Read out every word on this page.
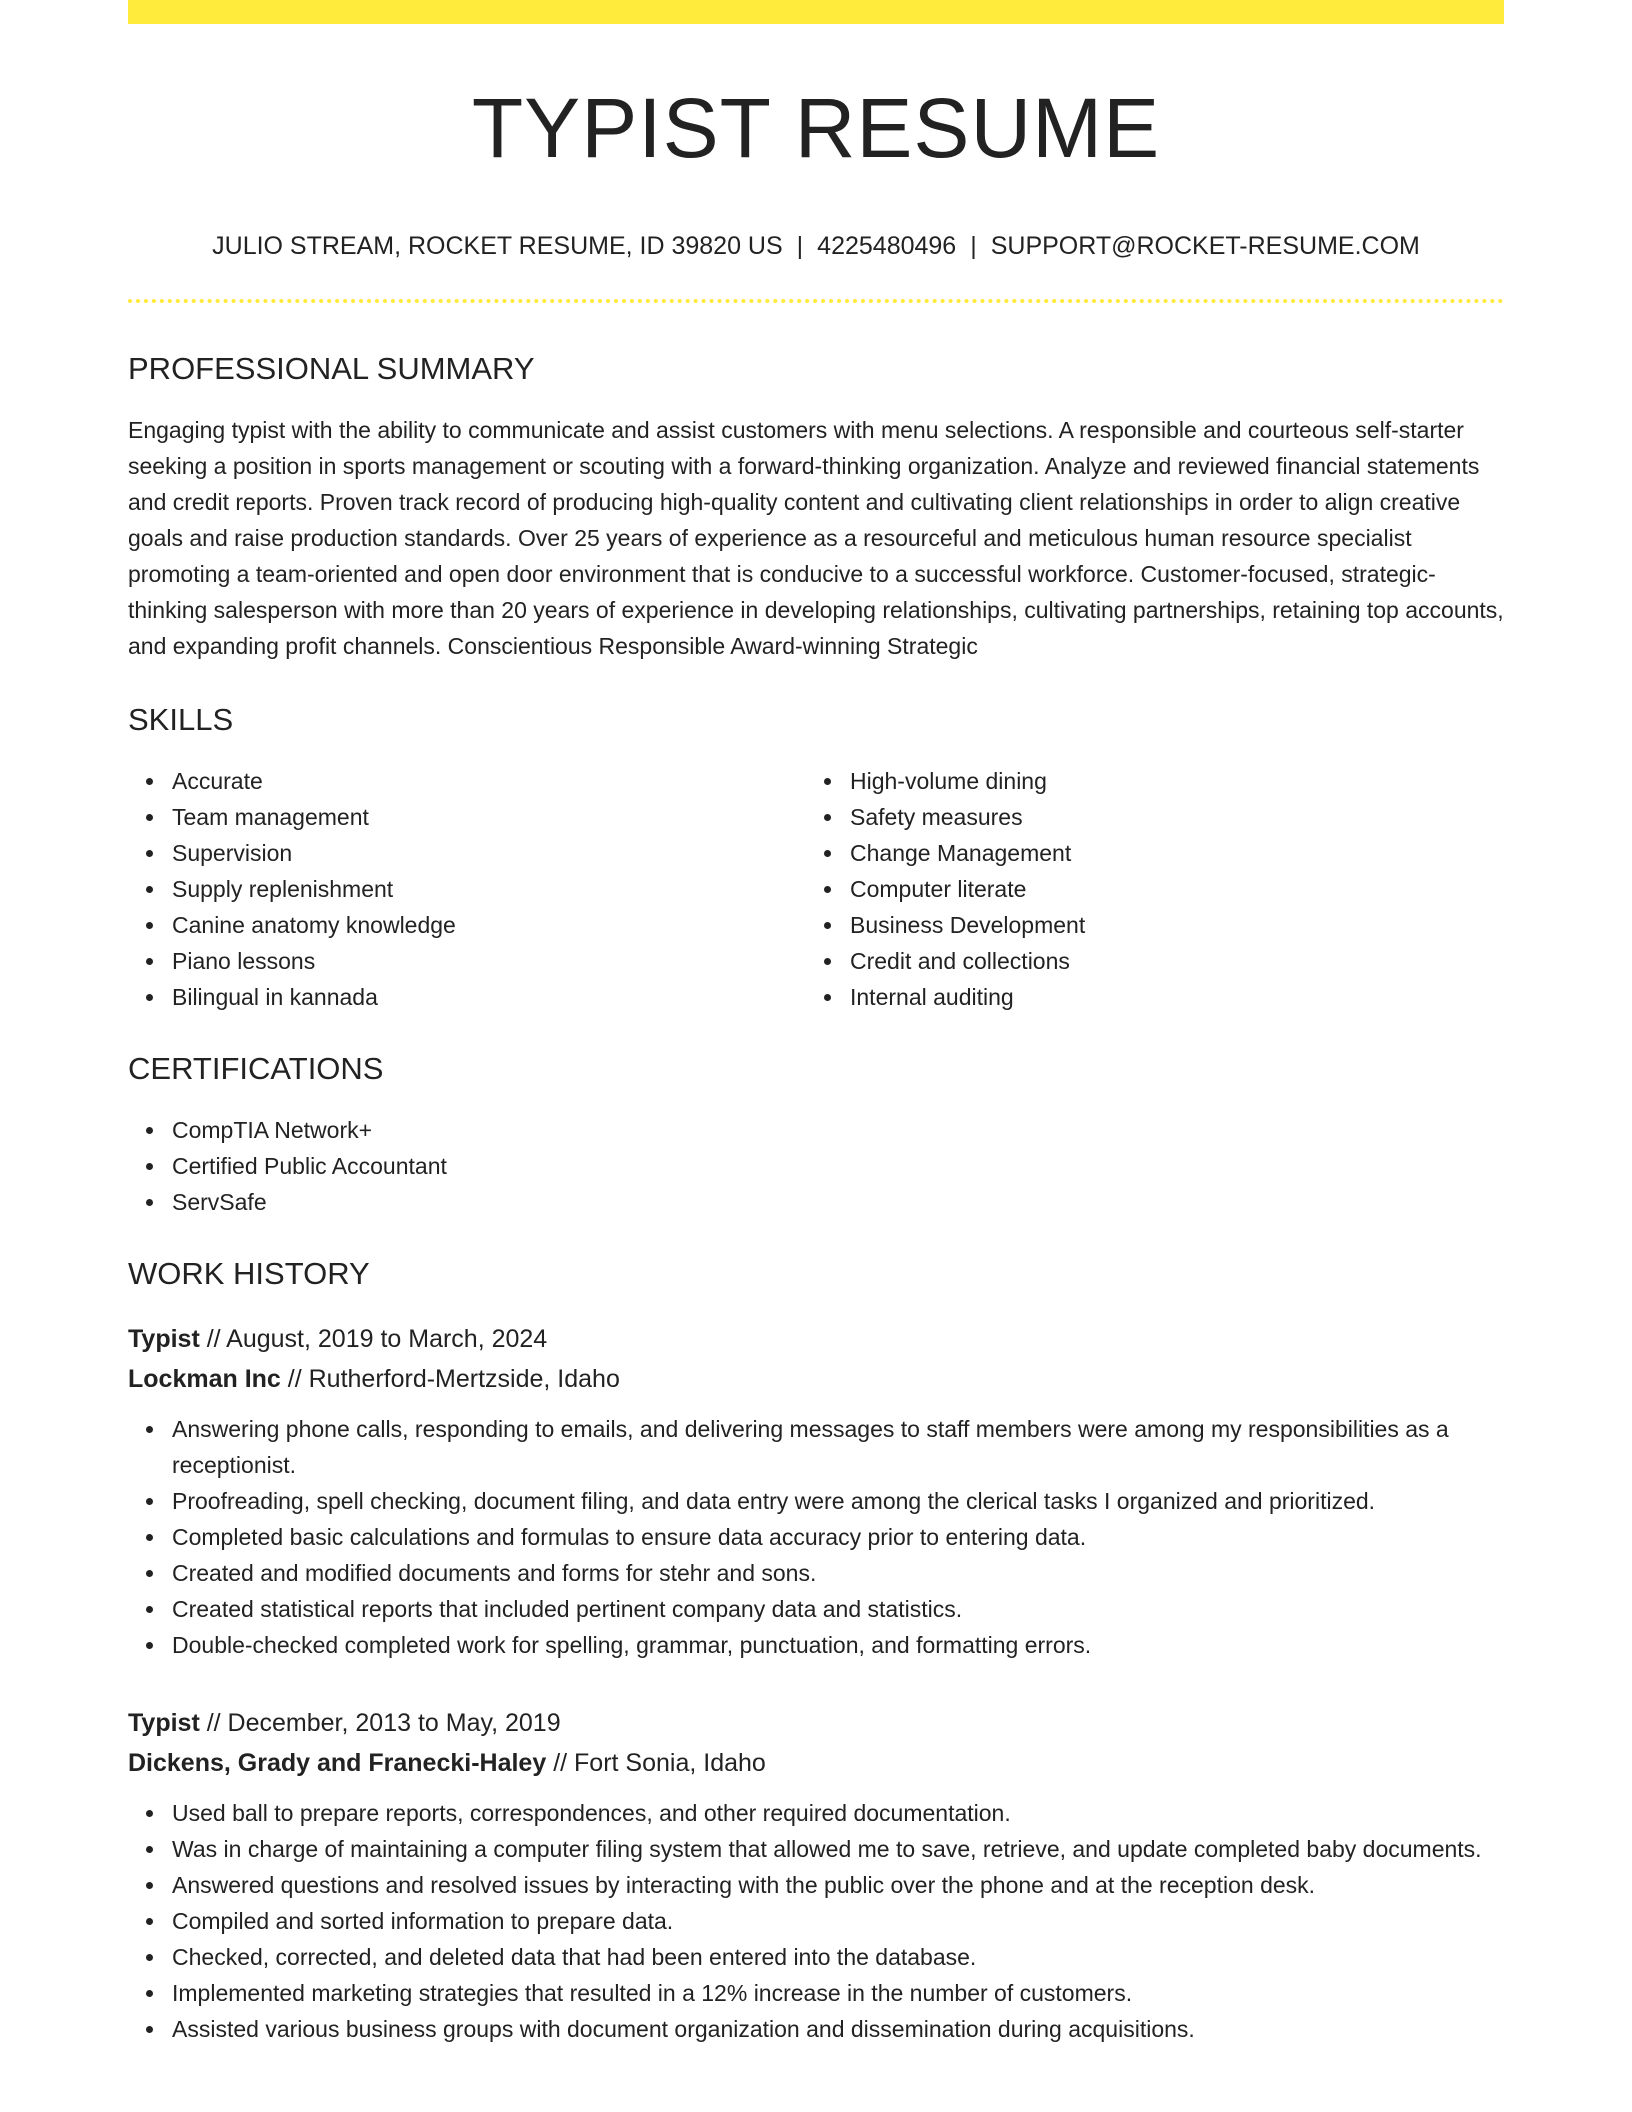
TYPIST RESUME
JULIO STREAM, ROCKET RESUME, ID 39820 US | 4225480496 | SUPPORT@ROCKET-RESUME.COM
PROFESSIONAL SUMMARY

Engaging typist with the ability to communicate and assist customers with menu selections. A responsible and courteous self-starter seeking a position in sports management or scouting with a forward-thinking organization. Analyze and reviewed financial statements and credit reports. Proven track record of producing high-quality content and cultivating client relationships in order to align creative goals and raise production standards. Over 25 years of experience as a resourceful and meticulous human resource specialist promoting a team-oriented and open door environment that is conducive to a successful workforce. Customer-focused, strategic-thinking salesperson with more than 20 years of experience in developing relationships, cultivating partnerships, retaining top accounts, and expanding profit channels. Conscientious Responsible Award-winning Strategic

SKILLS
Accurate
Team management
Supervision
Supply replenishment
Canine anatomy knowledge
Piano lessons
Bilingual in kannada
High-volume dining
Safety measures
Change Management
Computer literate
Business Development
Credit and collections
Internal auditing
CERTIFICATIONS
CompTIA Network+
Certified Public Accountant
ServSafe
WORK HISTORY
Typist // August, 2019 to March, 2024
Lockman Inc // Rutherford-Mertzside, Idaho
Answering phone calls, responding to emails, and delivering messages to staff members were among my responsibilities as a receptionist.
Proofreading, spell checking, document filing, and data entry were among the clerical tasks I organized and prioritized.
Completed basic calculations and formulas to ensure data accuracy prior to entering data.
Created and modified documents and forms for stehr and sons.
Created statistical reports that included pertinent company data and statistics.
Double-checked completed work for spelling, grammar, punctuation, and formatting errors.
Typist // December, 2013 to May, 2019
Dickens, Grady and Franecki-Haley // Fort Sonia, Idaho
Used ball to prepare reports, correspondences, and other required documentation.
Was in charge of maintaining a computer filing system that allowed me to save, retrieve, and update completed baby documents.
Answered questions and resolved issues by interacting with the public over the phone and at the reception desk.
Compiled and sorted information to prepare data.
Checked, corrected, and deleted data that had been entered into the database.
Implemented marketing strategies that resulted in a 12% increase in the number of customers.
Assisted various business groups with document organization and dissemination during acquisitions.
